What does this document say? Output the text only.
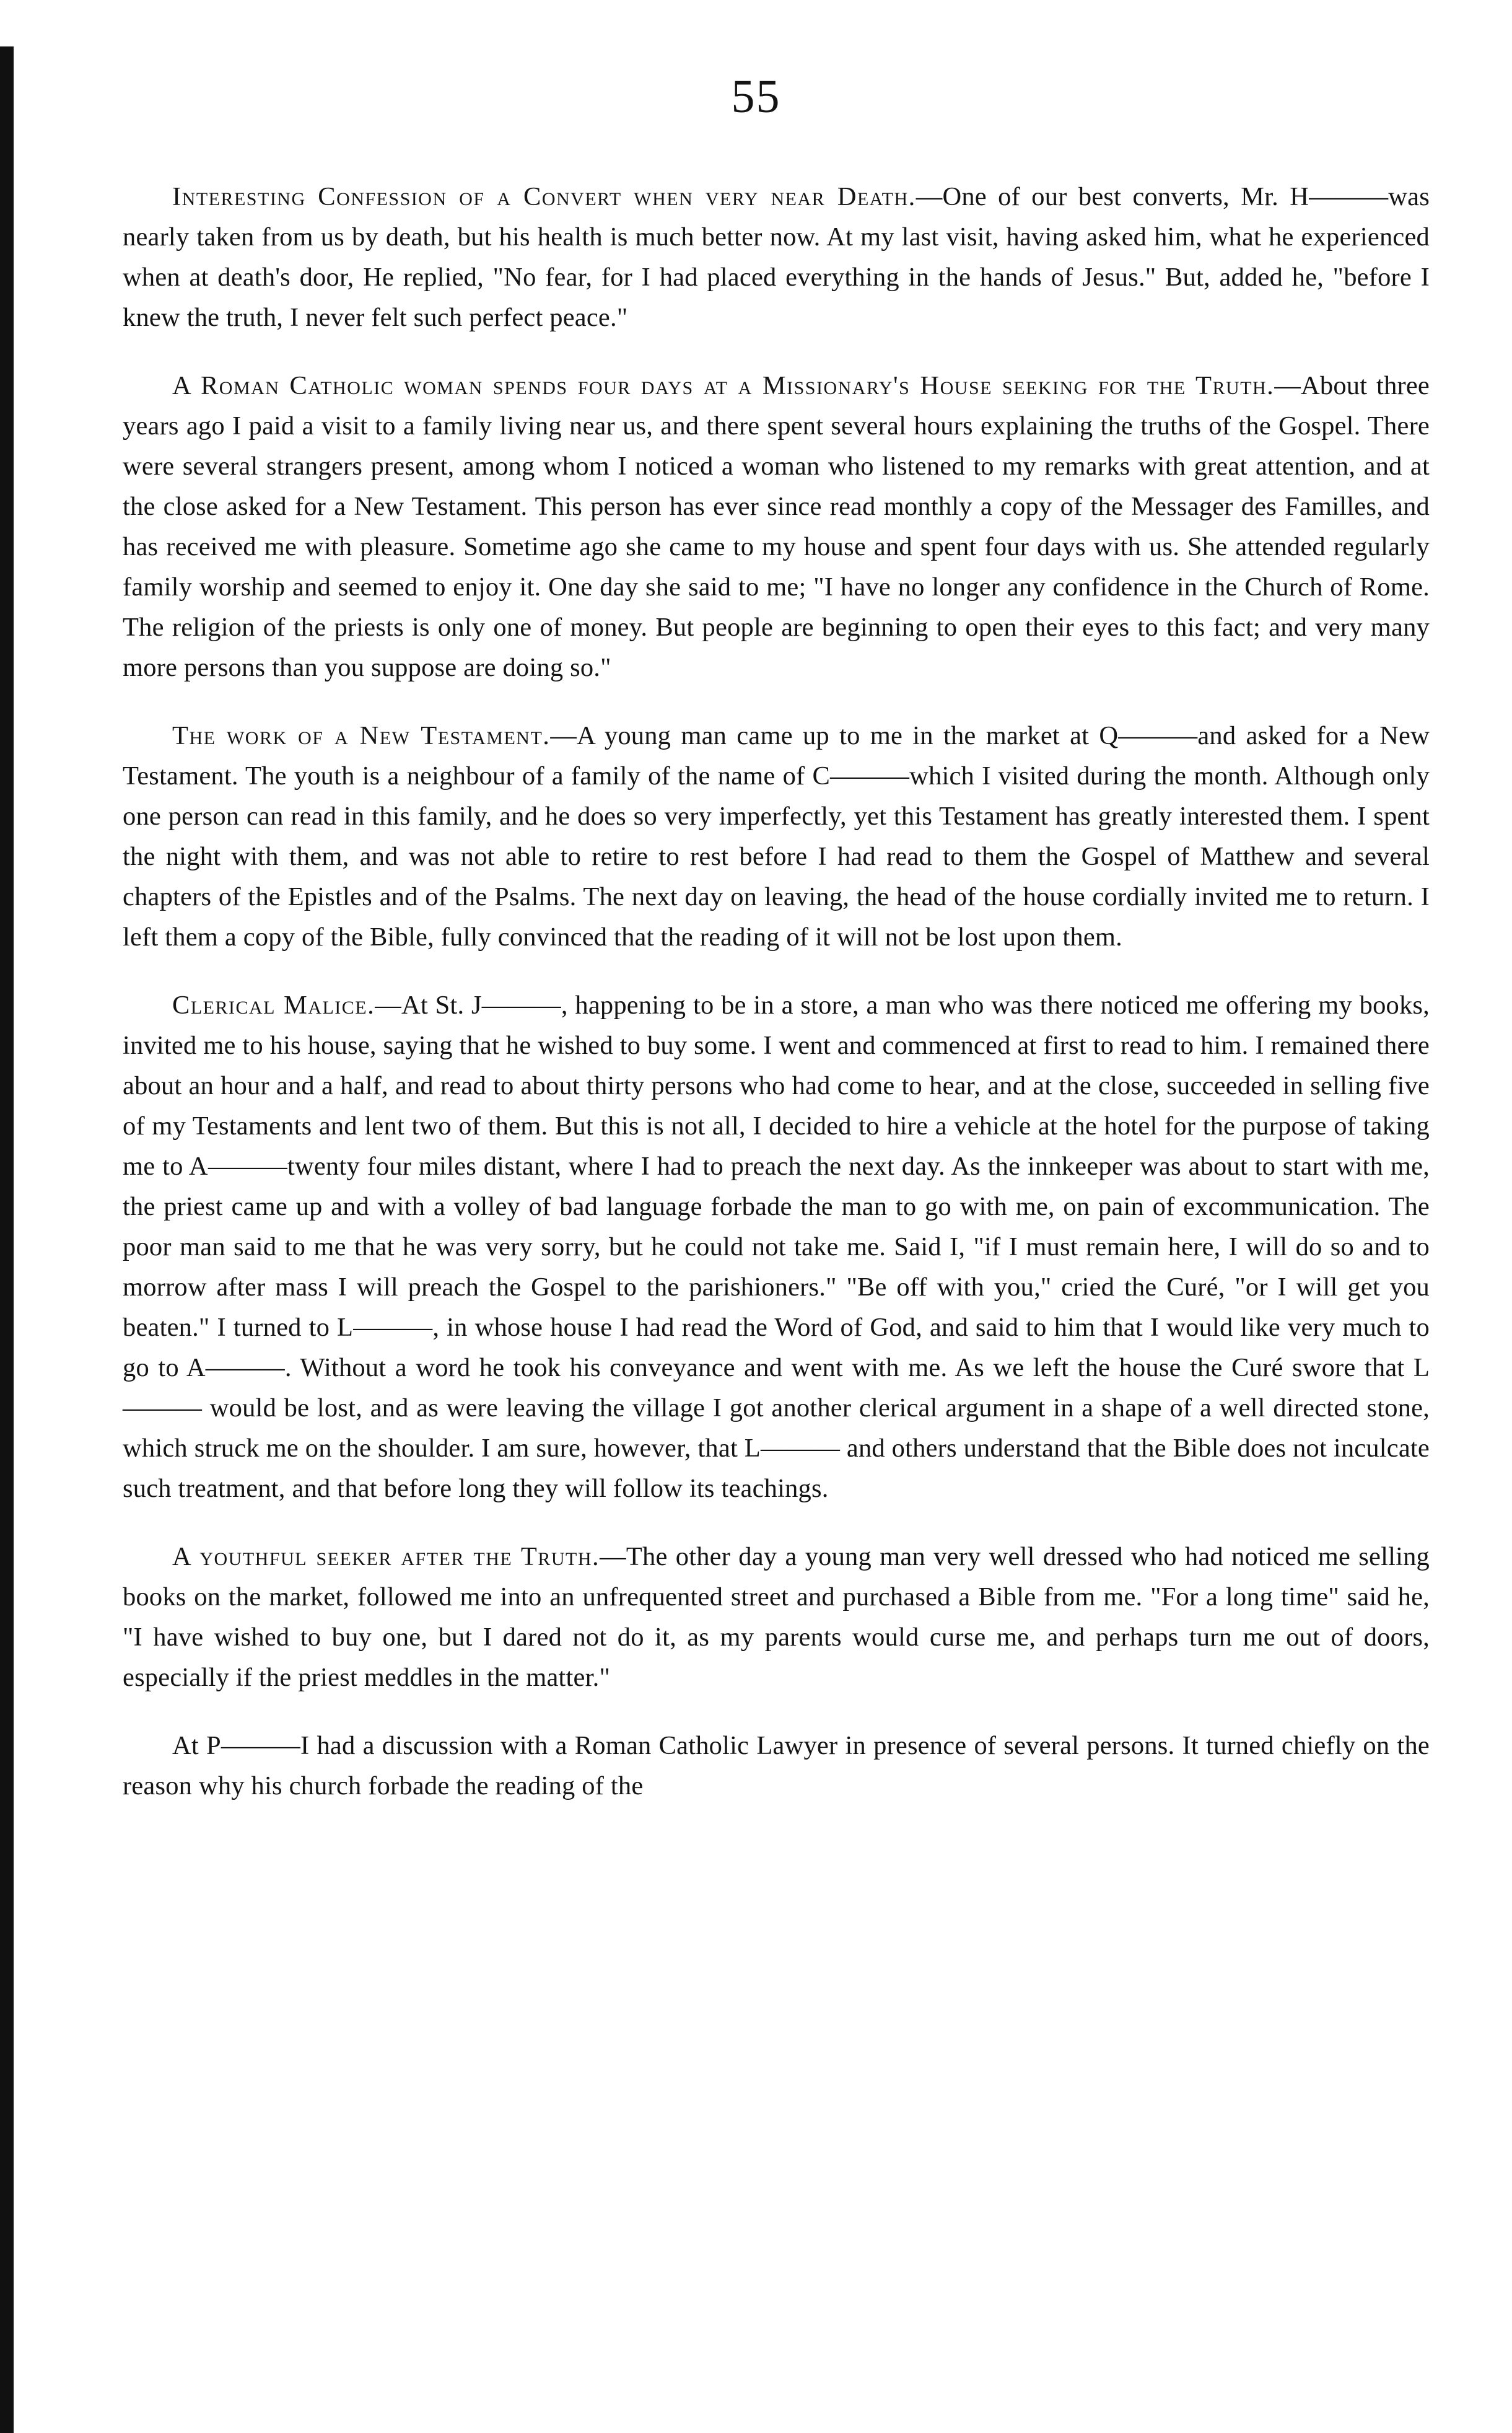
55

Interesting Confession of a Convert when very near Death.—One of our best converts, Mr. H———was nearly taken from us by death, but his health is much better now. At my last visit, having asked him, what he experienced when at death's door, He replied, "No fear, for I had placed everything in the hands of Jesus." But, added he, "before I knew the truth, I never felt such perfect peace."

A Roman Catholic woman spends four days at a Missionary's House seeking for the Truth.—About three years ago I paid a visit to a family living near us, and there spent several hours explaining the truths of the Gospel. There were several strangers present, among whom I noticed a woman who listened to my remarks with great attention, and at the close asked for a New Testament. This person has ever since read monthly a copy of the Messager des Familles, and has received me with pleasure. Sometime ago she came to my house and spent four days with us. She attended regularly family worship and seemed to enjoy it. One day she said to me; "I have no longer any confidence in the Church of Rome. The religion of the priests is only one of money. But people are beginning to open their eyes to this fact; and very many more persons than you suppose are doing so."

The work of a New Testament.—A young man came up to me in the market at Q———and asked for a New Testament. The youth is a neighbour of a family of the name of C———which I visited during the month. Although only one person can read in this family, and he does so very imperfectly, yet this Testament has greatly interested them. I spent the night with them, and was not able to retire to rest before I had read to them the Gospel of Matthew and several chapters of the Epistles and of the Psalms. The next day on leaving, the head of the house cordially invited me to return. I left them a copy of the Bible, fully convinced that the reading of it will not be lost upon them.

Clerical Malice.—At St. J———, happening to be in a store, a man who was there noticed me offering my books, invited me to his house, saying that he wished to buy some. I went and commenced at first to read to him. I remained there about an hour and a half, and read to about thirty persons who had come to hear, and at the close, succeeded in selling five of my Testaments and lent two of them. But this is not all, I decided to hire a vehicle at the hotel for the purpose of taking me to A———twenty four miles distant, where I had to preach the next day. As the innkeeper was about to start with me, the priest came up and with a volley of bad language forbade the man to go with me, on pain of excommunication. The poor man said to me that he was very sorry, but he could not take me. Said I, "if I must remain here, I will do so and to morrow after mass I will preach the Gospel to the parishioners." "Be off with you," cried the Curé, "or I will get you beaten." I turned to L———, in whose house I had read the Word of God, and said to him that I would like very much to go to A———. Without a word he took his conveyance and went with me. As we left the house the Curé swore that L——— would be lost, and as were leaving the village I got another clerical argument in a shape of a well directed stone, which struck me on the shoulder. I am sure, however, that L——— and others understand that the Bible does not inculcate such treatment, and that before long they will follow its teachings.

A youthful seeker after the Truth.—The other day a young man very well dressed who had noticed me selling books on the market, followed me into an unfrequented street and purchased a Bible from me. "For a long time" said he, "I have wished to buy one, but I dared not do it, as my parents would curse me, and perhaps turn me out of doors, especially if the priest meddles in the matter."

At P———I had a discussion with a Roman Catholic Lawyer in presence of several persons. It turned chiefly on the reason why his church forbade the reading of the
